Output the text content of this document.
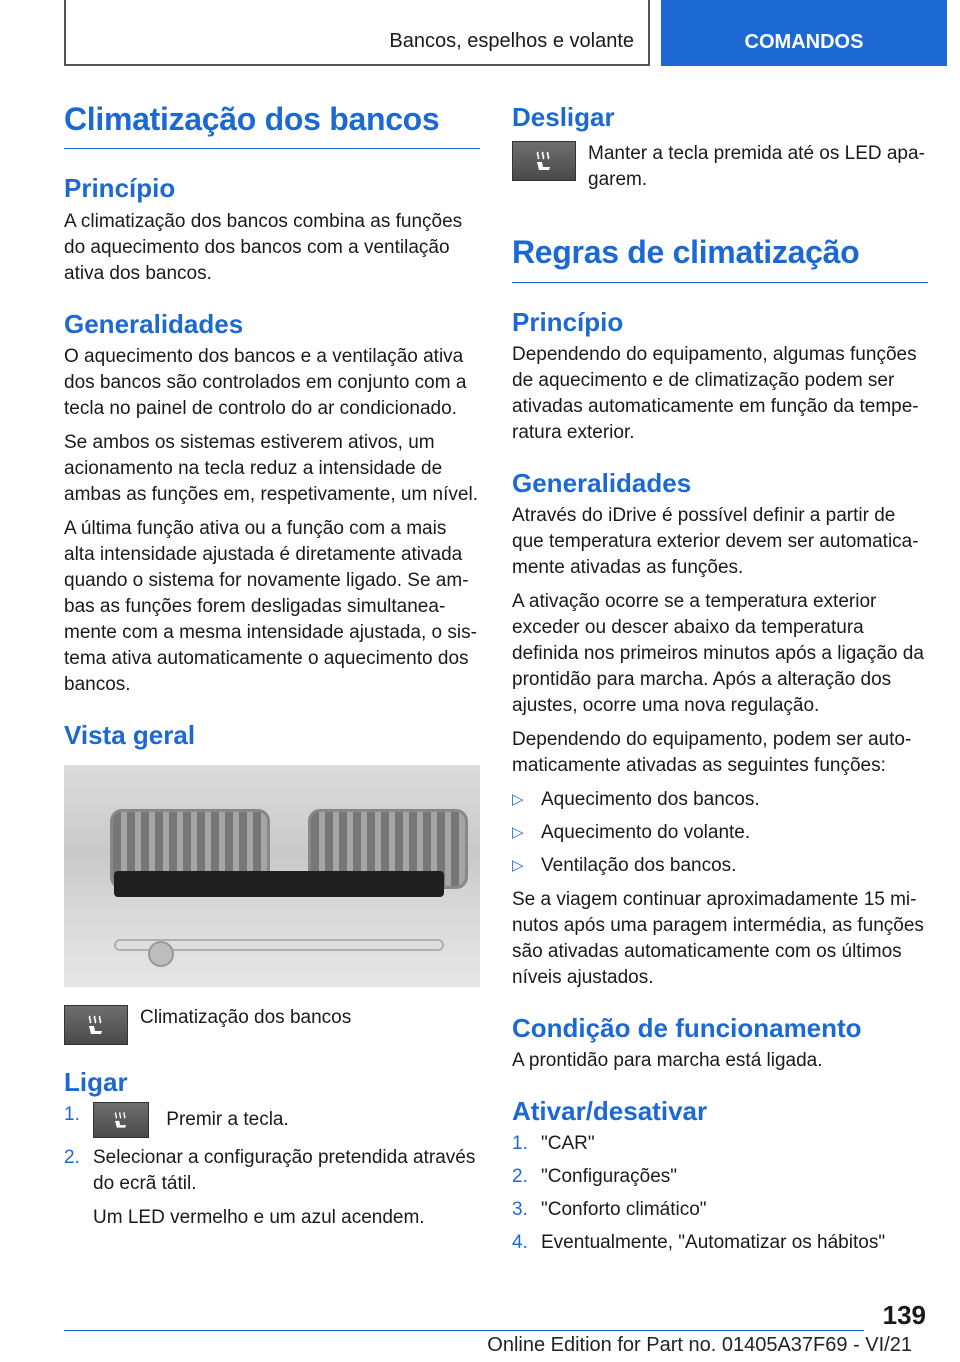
Bancos, espelhos e volante	COMANDOS
Climatização dos bancos
Princípio

A climatização dos bancos combina as funções do aquecimento dos bancos com a ventilação ativa dos bancos.

Generalidades

O aquecimento dos bancos e a ventilação ativa dos bancos são controlados em conjunto com a tecla no painel de controlo do ar condicionado.

Se ambos os sistemas estiverem ativos, um acionamento na tecla reduz a intensidade de ambas as funções em, respetivamente, um nível.

A última função ativa ou a função com a mais alta intensidade ajustada é diretamente ativada quando o sistema for novamente ligado. Se ambas as funções forem desligadas simultaneamente com a mesma intensidade ajustada, o sistema ativa automaticamente o aquecimento dos bancos.

Vista geral
Climatização dos bancos
Ligar
1.	Premir a tecla.
2. Selecionar a configuração pretendida através do ecrã tátil.
Um LED vermelho e um azul acendem.
Desligar
Manter a tecla premida até os LED apagarem.
Regras de climatização
Princípio

Dependendo do equipamento, algumas funções de aquecimento e de climatização podem ser ativadas automaticamente em função da temperatura exterior.

Generalidades

Através do iDrive é possível definir a partir de que temperatura exterior devem ser automaticamente ativadas as funções.

A ativação ocorre se a temperatura exterior exceder ou descer abaixo da temperatura definida nos primeiros minutos após a ligação da prontidão para marcha. Após a alteração dos ajustes, ocorre uma nova regulação.

Dependendo do equipamento, podem ser automaticamente ativadas as seguintes funções:

▷ Aquecimento dos bancos.
▷ Aquecimento do volante.
▷ Ventilação dos bancos.

Se a viagem continuar aproximadamente 15 minutos após uma paragem intermédia, as funções são ativadas automaticamente com os últimos níveis ajustados.

Condição de funcionamento

A prontidão para marcha está ligada.

Ativar/desativar
1. "CAR"
2. "Configurações"
3. "Conforto climático"
4. Eventualmente, "Automatizar os hábitos"
139
Online Edition for Part no. 01405A37F69 - VI/21
